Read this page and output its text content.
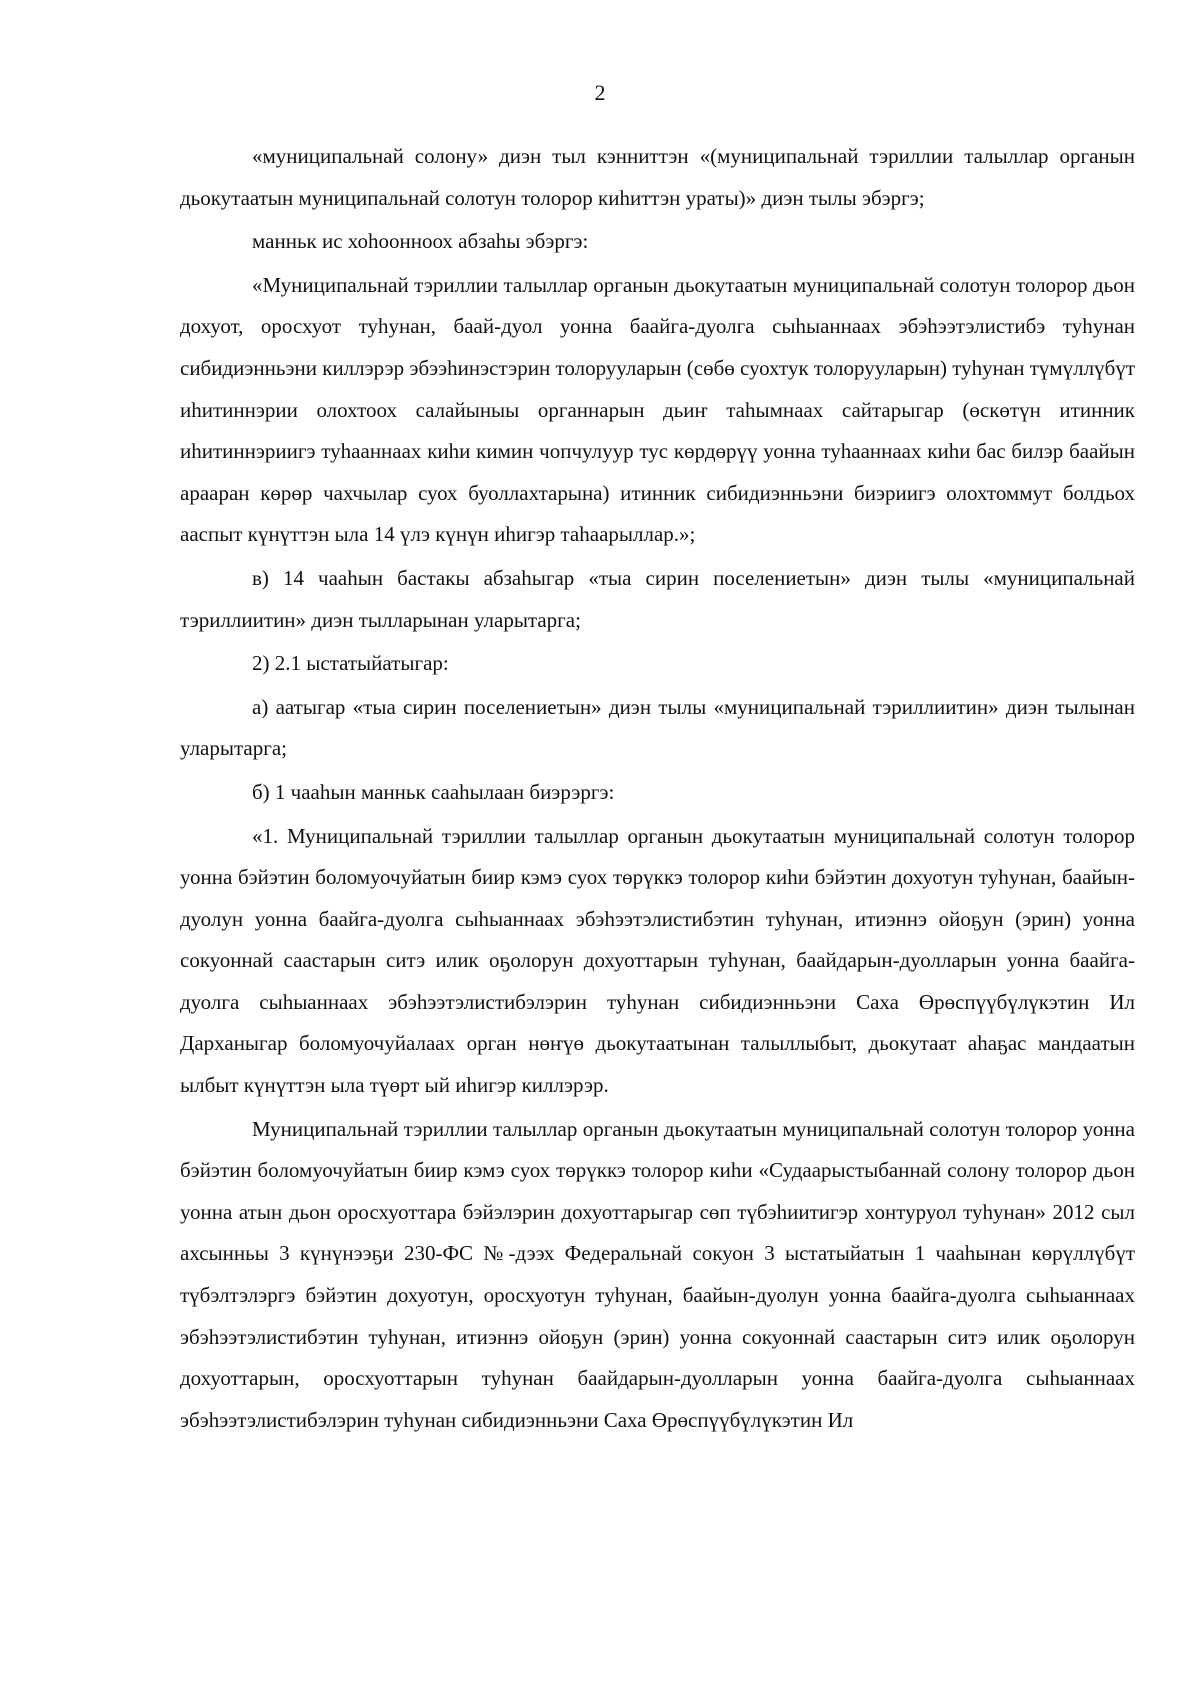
2

«муниципальнай солону» диэн тыл кэнниттэн «(муниципальнай тэриллии талыллар органын дьокутаатын муниципальнай солотун толорор киһиттэн ураты)» диэн тылы эбэргэ;

манньк ис хоһоонноох абзаһы эбэргэ:

«Муниципальнай тэриллии талыллар органын дьокутаатын муниципальнай солотун толорор дьон дохуот, оросхуот туһунан, баай-дуол уонна баайга-дуолга сыһыаннаах эбэһээтэлистибэ туһунан сибидиэнньэни киллэрэр эбээһинэстэрин толорууларын (сөбө суохтук толорууларын) туһунан түмүллүбүт иһитиннэрии олохтоох салайыныы органнарын дьиҥ таһымнаах сайтарыгар (өскөтүн итинник иһитиннэриигэ туһааннаах киһи кимин чопчулуур тус көрдөрүү уонна туһааннаах киһи бас билэр баайын арааран көрөр чахчылар суох буоллахтарына) итинник сибидиэнньэни биэриигэ олохтоммут болдьох ааспыт күнүттэн ыла 14 үлэ күнүн иһигэр таһаарыллар.»;

в) 14 чааһын бастакы абзаһыгар «тыа сирин поселениетын» диэн тылы «муниципальнай тэриллиитин» диэн тылларынан уларытарга;

2) 2.1 ыстатыйатыгар:

а) аатыгар «тыа сирин поселениетын» диэн тылы «муниципальнай тэриллиитин» диэн тылынан уларытарга;

б) 1 чааһын манньк сааһылаан биэрэргэ:

«1. Муниципальнай тэриллии талыллар органын дьокутаатын муниципальнай солотун толорор уонна бэйэтин боломуочуйатын биир кэмэ суох төрүккэ толорор киһи бэйэтин дохуотун туһунан, баайын-дуолун уонна баайга-дуолга сыһыаннаах эбэһээтэлистибэтин туһунан, итиэннэ ойоҕун (эрин) уонна сокуоннай саастарын ситэ илик оҕолорун дохуоттарын туһунан, баайдарын-дуолларын уонна баайга-дуолга сыһыаннаах эбэһээтэлистибэлэрин туһунан сибидиэнньэни Саха Өрөспүүбүлүкэтин Ил Дарханыгар боломуочуйалаах орган нөҥүө дьокутаатынан талыллыбыт, дьокутаат аһаҕас мандаатын ылбыт күнүттэн ыла түөрт ый иһигэр киллэрэр.

Муниципальнай тэриллии талыллар органын дьокутаатын муниципальнай солотун толорор уонна бэйэтин боломуочуйатын биир кэмэ суох төрүккэ толорор киһи «Судаарыстыбаннай солону толорор дьон уонна атын дьон оросхуоттара бэйэлэрин дохуоттарыгар сөп түбэһиитигэр хонтуруол туһунан» 2012 сыл ахсынньы 3 күнүнээҕи 230-ФС №-дээх Федеральнай сокуон 3 ыстатыйатын 1 чааһынан көрүллүбүт түбэлтэлэргэ бэйэтин дохуотун, оросхуотун туһунан, баайын-дуолун уонна баайга-дуолга сыһыаннаах эбэһээтэлистибэтин туһунан, итиэннэ ойоҕун (эрин) уонна сокуоннай саастарын ситэ илик оҕолорун дохуоттарын, оросхуоттарын туһунан баайдарын-дуолларын уонна баайга-дуолга сыһыаннаах эбэһээтэлистибэлэрин туһунан сибидиэнньэни Саха Өрөспүүбүлүкэтин Ил
